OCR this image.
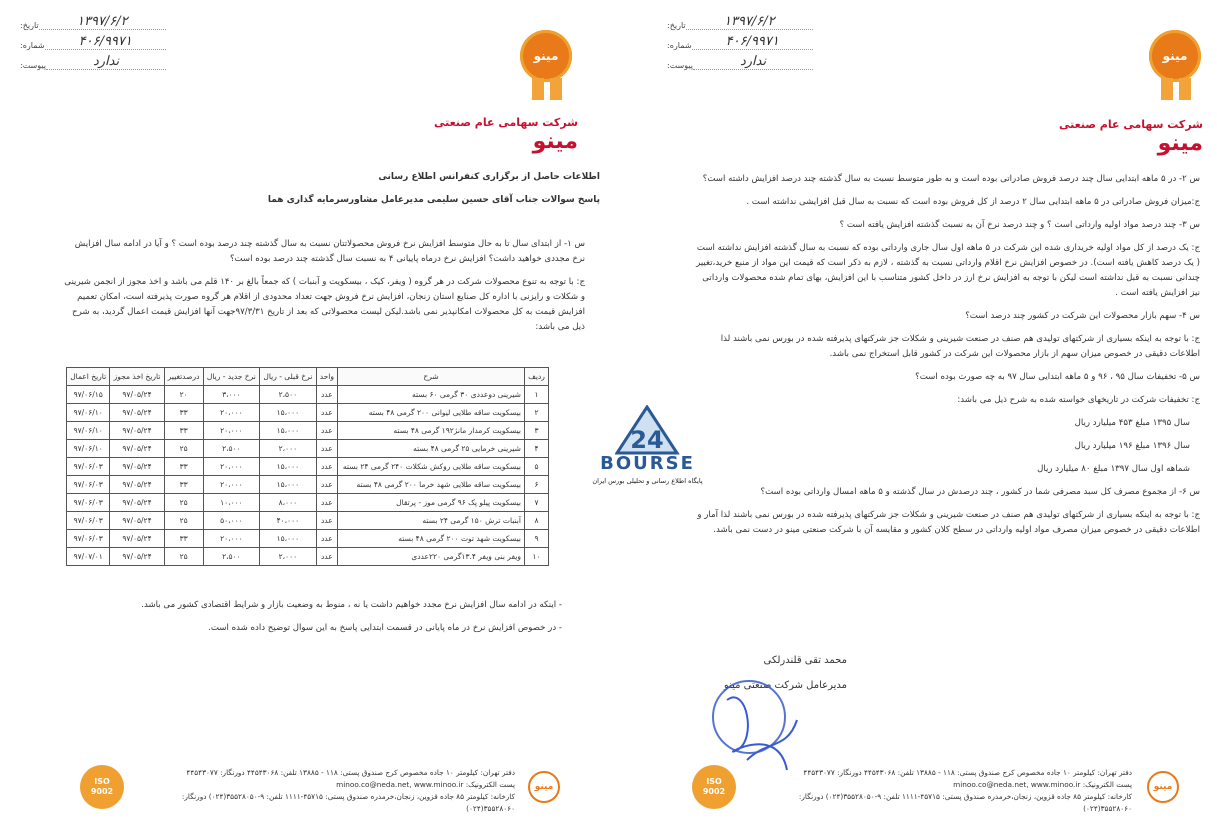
۱۳۹۷/۶/۲
تاریخ:
۴۰۶/۹۹۷۱
شماره:
ندارد
پیوست:
مینو
شرکت سهامی عام صنعتی
مینو

اطلاعات حاصل از برگزاری کنفرانس اطلاع رسانی

پاسخ سوالات جناب آقای حسین سلیمی مدیرعامل مشاورسرمایه گذاری هما

س ۱- از ابتدای سال تا به حال متوسط افزایش نرخ فروش محصولاتتان نسبت به سال گذشته چند درصد بوده است ؟ و آیا در ادامه سال افزایش نرخ مجددی خواهید داشت؟ افزایش نرخ درماه پاییانی ۴ به نسبت سال گذشته چند درصد بوده است؟

ج: با توجه به تنوع محصولات شرکت در هر گروه ( ویفر، کیک ، بیسکویت و آبنبات ) که جمعاً بالغ بر ۱۴۰ قلم می باشد و اخذ مجوز از انجمن شیرینی و شکلات و رایزنی با اداره کل صنایع استان زنجان، افزایش نرخ فروش جهت تعداد محدودی از اقلام هر گروه صورت پذیرفته است، امکان تعمیم افزایش قیمت به کل محصولات امکانپذیر نمی باشد.لیکن لیست محصولاتی که بعد از تاریخ ۹۷/۳/۳۱جهت آنها افزایش قیمت اعمال گردید، به شرح ذیل می باشد:

ردیف	شرح	واحد	نرخ قبلی - ریال	نرخ جدید - ریال	درصدتغییر	تاریخ اخذ مجوز	تاریخ اعمال
۱	شیرینی دوعددی ۳۰ گرمی ۶۰ بسته	عدد	۲،۵۰۰	۳،۰۰۰	۲۰	۹۷/۰۵/۲۴	۹۷/۰۶/۱۵
۲	بیسکویت ساقه طلایی لیوانی ۲۰۰ گرمی ۴۸ بسته	عدد	۱۵،۰۰۰	۲۰،۰۰۰	۳۳	۹۷/۰۵/۲۴	۹۷/۰۶/۱۰
۳	بیسکویت کرمدار مانژ۱۹۲ گرمی ۴۸ بسته	عدد	۱۵،۰۰۰	۲۰،۰۰۰	۳۳	۹۷/۰۵/۲۴	۹۷/۰۶/۱۰
۴	شیرینی خرمایی ۲۵ گرمی ۴۸ بسته	عدد	۲،۰۰۰	۲،۵۰۰	۲۵	۹۷/۰۵/۲۴	۹۷/۰۶/۱۰
۵	بیسکویت ساقه طلایی روکش شکلات ۲۴۰ گرمی ۲۴ بسته	عدد	۱۵،۰۰۰	۲۰،۰۰۰	۳۳	۹۷/۰۵/۲۴	۹۷/۰۶/۰۳
۶	بیسکویت ساقه طلایی شهد خرما ۲۰۰ گرمی ۴۸ بسته	عدد	۱۵،۰۰۰	۲۰،۰۰۰	۳۳	۹۷/۰۵/۲۴	۹۷/۰۶/۰۳
۷	بیسکویت پیلو پک ۹۶ گرمی موز - پرتقال	عدد	۸،۰۰۰	۱۰،۰۰۰	۲۵	۹۷/۰۵/۲۴	۹۷/۰۶/۰۳
۸	آبنبات ترش ۱۵۰ گرمی ۲۴ بسته	عدد	۴۰،۰۰۰	۵۰،۰۰۰	۲۵	۹۷/۰۵/۲۴	۹۷/۰۶/۰۳
۹	بیسکویت شهد توت ۲۰۰ گرمی ۴۸ بسته	عدد	۱۵،۰۰۰	۲۰،۰۰۰	۳۳	۹۷/۰۵/۲۴	۹۷/۰۶/۰۳
۱۰	ویفر بنی ویفر ۱۳.۴گرمی ۲۲۰عددی	عدد	۲،۰۰۰	۲،۵۰۰	۲۵	۹۷/۰۵/۲۴	۹۷/۰۷/۰۱

- اینکه در ادامه سال افزایش نرخ مجدد خواهیم داشت یا نه ، منوط به وضعیت بازار و شرایط اقتصادی کشور می باشد.

- در خصوص افزایش نرخ در ماه پایانی در قسمت ابتدایی پاسخ به این سوال توضیح داده شده است.

ISO
9002
دفتر تهران: کیلومتر ۱۰ جاده مخصوص کرج صندوق پستی: ۱۱۸ - ۱۳۸۸۵ تلفن: ۴۴۵۴۳۰۶۸ دورنگار: ۴۴۵۴۳۰۷۷
پست الکترونیک: minoo.co@neda.net, www.minoo.ir
کارخانه: کیلومتر ۸۵ جاده قزوین، زنجان،خرمدره صندوق پستی: ۴۵۷۱۵-۱۱۱۱ تلفن: ۹-۳۵۵۲۸۰۵۰(۰۲۴) دورنگار: ۳۵۵۲۸۰۶۰(۰۲۴)
مینو
۱۳۹۷/۶/۲
تاریخ:
۴۰۶/۹۹۷۱
شماره:
ندارد
پیوست:
مینو
شرکت سهامی عام صنعتی
مینو

س ۲- در ۵ ماهه ابتدایی سال چند درصد فروش صادراتی بوده است و به طور متوسط نسبت به سال گذشته چند درصد افزایش داشته است؟

ج:میزان فروش صادراتی در ۵ ماهه ابتدایی سال ۲ درصد از کل فروش بوده است که نسبت به سال قبل افزایشی نداشته است .

س ۳- چند درصد مواد اولیه وارداتی است ؟ و چند درصد نرخ آن به نسبت گذشته افزایش یافته است ؟

ج: یک درصد از کل مواد اولیه خریداری شده این شرکت در ۵ ماهه اول سال جاری وارداتی بوده که نسبت به سال گذشته افزایش نداشته است ( یک درصد کاهش یافته است). در خصوص افزایش نرخ اقلام وارداتی نسبت به گذشته ، لازم به ذکر است که قیمت این مواد از منبع خرید،تغییر چندانی نسبت به قبل نداشته است لیکن با توجه به افزایش نرخ ارز در داخل کشور متناسب با این افزایش، بهای تمام شده محصولات وارداتی نیز افزایش یافته است .

س ۴- سهم بازار محصولات این شرکت در کشور چند درصد است؟

ج: با توجه به اینکه بسیاری از شرکتهای تولیدی هم صنف در صنعت شیرینی و شکلات جز شرکتهای پذیرفته شده در بورس نمی باشند لذا اطلاعات دقیقی در خصوص میزان سهم از بازار محصولات این شرکت در کشور قابل استخراج نمی باشد.

س ۵- تخفیفات سال ۹۵ ، ۹۶ و ۵ ماهه ابتدایی سال ۹۷ به چه صورت بوده است؟

ج: تخفیفات شرکت در تاریخهای خواسته شده به شرح ذیل می باشد:

سال ۱۳۹۵ مبلغ ۴۵۳ میلیارد ریال

سال ۱۳۹۶ مبلغ ۱۹۶ میلیارد ریال

شماهه اول سال ۱۳۹۷ مبلغ ۸۰ میلیارد ریال

س ۶- از مجموع مصرف کل سبد مصرفی شما در کشور ، چند درصدش در سال گذشته و ۵ ماهه امسال وارداتی بوده است؟

ج: با توجه به اینکه بسیاری از شرکتهای تولیدی هم صنف در صنعت شیرینی و شکلات جز شرکتهای پذیرفته شده در بورس نمی باشند لذا آمار و اطلاعات دقیقی در خصوص میزان مصرف مواد اولیه وارداتی در سطح کلان کشور و مقایسه آن با شرکت صنعتی مینو در دست نمی باشد.

محمد تقی قلندرلکی
مدیرعامل شرکت صنعتی مینو
ISO
9002
دفتر تهران: کیلومتر ۱۰ جاده مخصوص کرج صندوق پستی: ۱۱۸ - ۱۳۸۸۵ تلفن: ۴۴۵۴۳۰۶۸ دورنگار: ۴۴۵۴۳۰۷۷
پست الکترونیک: minoo.co@neda.net, www.minoo.ir
کارخانه: کیلومتر ۸۵ جاده قزوین، زنجان،خرمدره صندوق پستی: ۴۵۷۱۵-۱۱۱۱ تلفن: ۹-۳۵۵۲۸۰۵۰(۰۲۴) دورنگار: ۳۵۵۲۸۰۶۰(۰۲۴)
مینو
24
BOURSE
پایگاه اطلاع رسانی و تحلیلی بورس ایران
